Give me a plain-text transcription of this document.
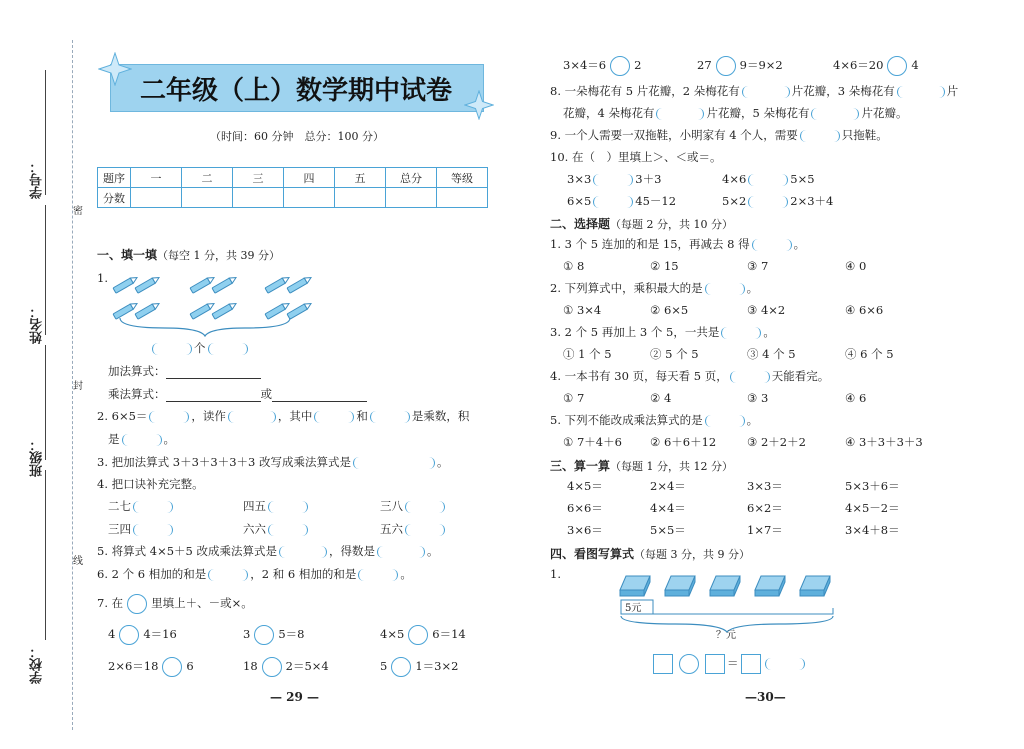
学号：
姓名：
班级：
学校：
密
封
线
二年级（上）数学期中试卷
（时间：60 分钟　总分：100 分）
题序	一	二	三	四	五	总分	等级
分数							
一、填一填（每空 1 分，共 39 分）
1.
个
加法算式：
乘法算式：	或
2. 6×5＝	，读作	，其中	和	是乘数，积
是	。
3. 把加法算式 3＋3＋3＋3＋3 改写成乘法算式是	。
4. 把口诀补充完整。
二七	四五	三八
三四	六六	五六
5. 将算式 4×5＋5 改成乘法算式是	，得数是	。
6. 2 个 6 相加的和是	，2 和 6 相加的和是	。
7. 在 里填上＋、－或×。
4 4＝16	3 5＝8	4×5 6＝14
2×6＝18 6	18 2＝5×4	5 1＝3×2
— 29 —
3×4＝6 2	27 9＝9×2	4×6＝20 4
8. 一朵梅花有 5 片花瓣，2 朵梅花有	片花瓣，3 朵梅花有	片
花瓣，4 朵梅花有	片花瓣，5 朵梅花有	片花瓣。
9. 一个人需要一双拖鞋，小明家有 4 个人，需要	只拖鞋。
10. 在（　）里填上＞、＜或＝。
3×3	3＋3	4×6	5×5
6×5	45－12	5×2	2×3＋4
二、选择题（每题 2 分，共 10 分）
1. 3 个 5 连加的和是 15，再减去 8 得	。
① 8	② 15	③ 7	④ 0
2. 下列算式中，乘积最大的是	。
① 3×4	② 6×5	③ 4×2	④ 6×6
3. 2 个 5 再加上 3 个 5，一共是	。
① 1 个 5	② 5 个 5	③ 4 个 5	④ 6 个 5
4. 一本书有 30 页，每天看 5 页，	天能看完。
① 7	② 4	③ 3	④ 6
5. 下列不能改成乘法算式的是	。
① 7＋4＋6 ② 6＋6＋12	③ 2＋2＋2	④ 3＋3＋3＋3
三、算一算（每题 1 分，共 12 分）
4×5＝	2×4＝	3×3＝	5×3＋6＝
6×6＝	4×4＝	6×2＝	4×5－2＝
3×6＝	5×5＝	1×7＝	3×4＋8＝
四、看图写算式（每题 3 分，共 9 分）
1.
5元
？元
＝
—30—
